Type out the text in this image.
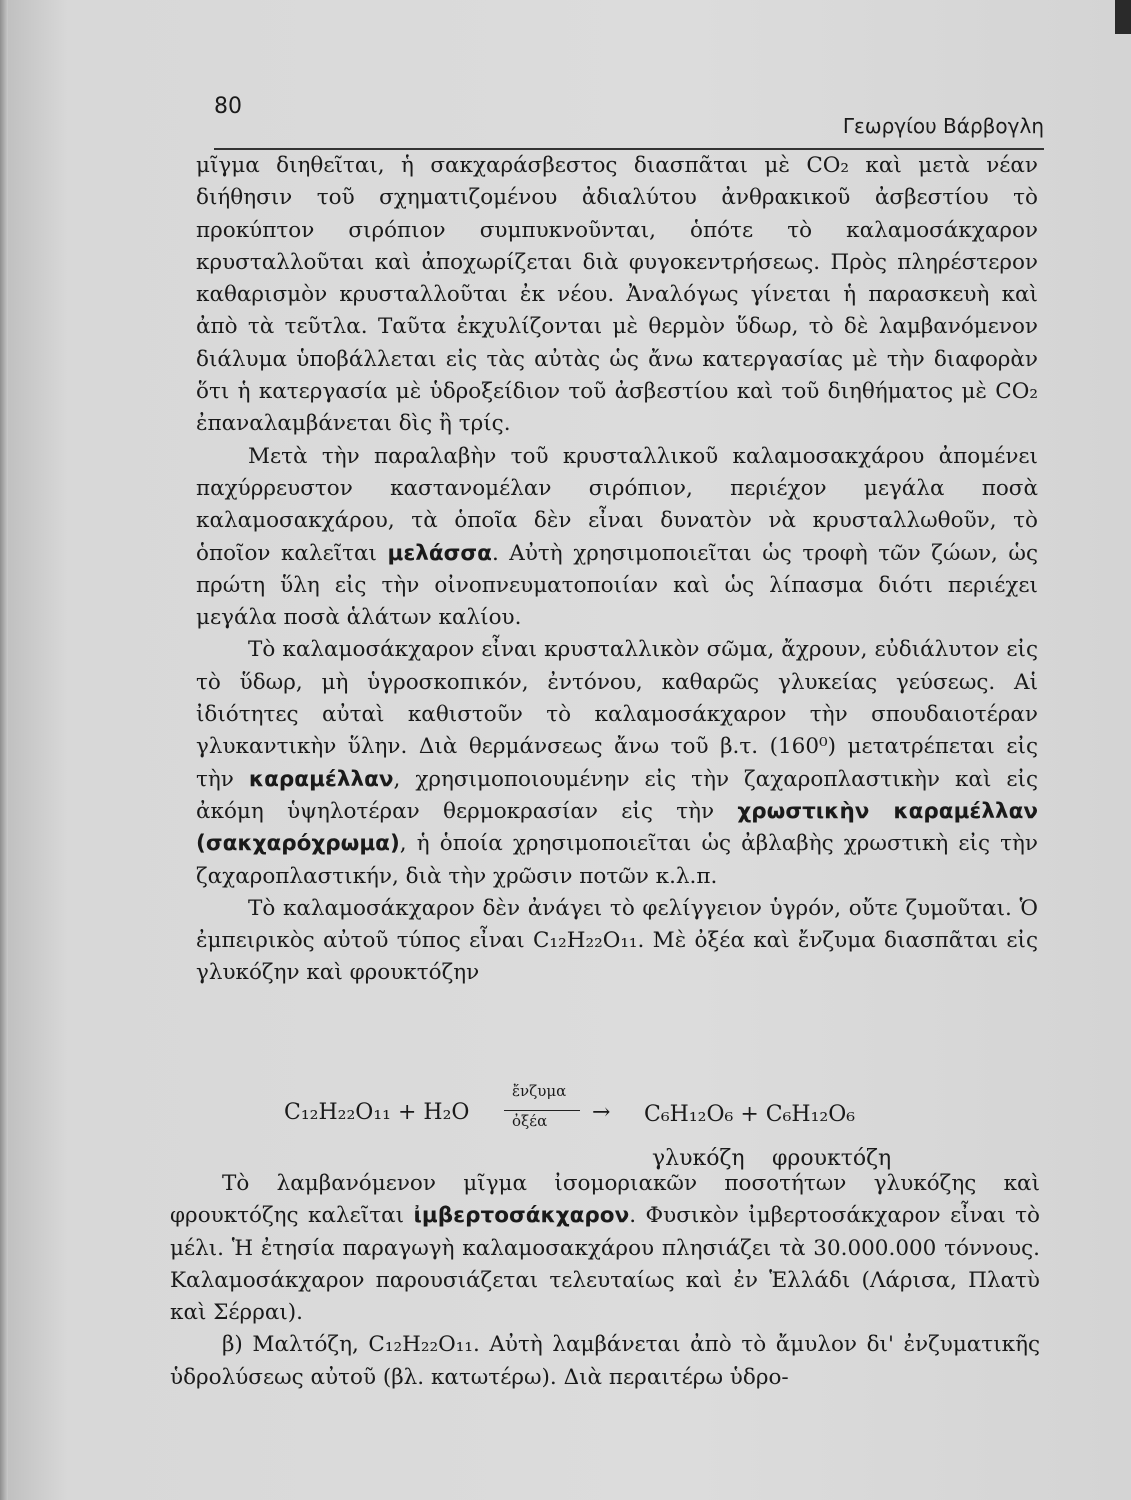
80
Γεωργίου Βάρβογλη

μῖγμα διηθεῖται, ἡ σακχαράσβεστος διασπᾶται μὲ CO₂ καὶ μετὰ νέαν διήθησιν τοῦ σχηματιζομένου ἀδιαλύτου ἀνθρακικοῦ ἀσβεστίου τὸ προκύπτον σιρόπιον συμπυκνοῦνται, ὁπότε τὸ καλαμοσάκχαρον κρυσταλλοῦται καὶ ἀποχωρίζεται διὰ φυγοκεντρήσεως. Πρὸς πληρέστερον καθαρισμὸν κρυσταλλοῦται ἐκ νέου. Ἀναλόγως γίνεται ἡ παρασκευὴ καὶ ἀπὸ τὰ τεῦτλα. Ταῦτα ἐκχυλίζονται μὲ θερμὸν ὕδωρ, τὸ δὲ λαμβανόμενον διάλυμα ὑποβάλλεται εἰς τὰς αὐτὰς ὡς ἄνω κατεργασίας μὲ τὴν διαφορὰν ὅτι ἡ κατεργασία μὲ ὑδροξείδιον τοῦ ἀσβεστίου καὶ τοῦ διηθήματος μὲ CO₂ ἐπαναλαμβάνεται δὶς ἢ τρίς.

Μετὰ τὴν παραλαβὴν τοῦ κρυσταλλικοῦ καλαμοσακχάρου ἀπομένει παχύρρευστον καστανομέλαν σιρόπιον, περιέχον μεγάλα ποσὰ καλαμοσακχάρου, τὰ ὁποῖα δὲν εἶναι δυνατὸν νὰ κρυσταλλωθοῦν, τὸ ὁποῖον καλεῖται μελάσσα. Αὐτὴ χρησιμοποιεῖται ὡς τροφὴ τῶν ζώων, ὡς πρώτη ὕλη εἰς τὴν οἰνοπνευματοποιίαν καὶ ὡς λίπασμα διότι περιέχει μεγάλα ποσὰ ἁλάτων καλίου.

Τὸ καλαμοσάκχαρον εἶναι κρυσταλλικὸν σῶμα, ἄχρουν, εὐδιάλυτον εἰς τὸ ὕδωρ, μὴ ὑγροσκοπικόν, ἐντόνου, καθαρῶς γλυκείας γεύσεως. Αἱ ἰδιότητες αὐταὶ καθιστοῦν τὸ καλαμοσάκχαρον τὴν σπουδαιοτέραν γλυκαντικὴν ὕλην. Διὰ θερμάνσεως ἄνω τοῦ β.τ. (160⁰) μετατρέπεται εἰς τὴν καραμέλλαν, χρησιμοποιουμένην εἰς τὴν ζαχαροπλαστικὴν καὶ εἰς ἀκόμη ὑψηλοτέραν θερμοκρασίαν εἰς τὴν χρωστικὴν καραμέλλαν (σακχαρόχρωμα), ἡ ὁποία χρησιμοποιεῖται ὡς ἀβλαβὴς χρωστικὴ εἰς τὴν ζαχαροπλαστικήν, διὰ τὴν χρῶσιν ποτῶν κ.λ.π.

Τὸ καλαμοσάκχαρον δὲν ἀνάγει τὸ φελίγγειον ὑγρόν, οὔτε ζυμοῦται. Ὁ ἐμπειρικὸς αὐτοῦ τύπος εἶναι C₁₂H₂₂O₁₁. Μὲ ὀξέα καὶ ἔνζυμα διασπᾶται εἰς γλυκόζην καὶ φρουκτόζην

C₁₂H₂₂O₁₁ + H₂O
ἔνζυμα
ὀξέα → C₆H₁₂O₆ + C₆H₁₂O₆
γλυκόζη φρουκτόζη

Τὸ λαμβανόμενον μῖγμα ἰσομοριακῶν ποσοτήτων γλυκόζης καὶ φρουκτόζης καλεῖται ἰμβερτοσάκχαρον. Φυσικὸν ἰμβερτοσάκχαρον εἶναι τὸ μέλι. Ἡ ἐτησία παραγωγὴ καλαμοσακχάρου πλησιάζει τὰ 30.000.000 τόννους. Καλαμοσάκχαρον παρουσιάζεται τελευταίως καὶ ἐν Ἑλλάδι (Λάρισα, Πλατὺ καὶ Σέρραι).

β) Μαλτόζη, C₁₂H₂₂O₁₁. Αὐτὴ λαμβάνεται ἀπὸ τὸ ἄμυλον δι' ἐνζυματικῆς ὑδρολύσεως αὐτοῦ (βλ. κατωτέρω). Διὰ περαιτέρω ὑδρο-
